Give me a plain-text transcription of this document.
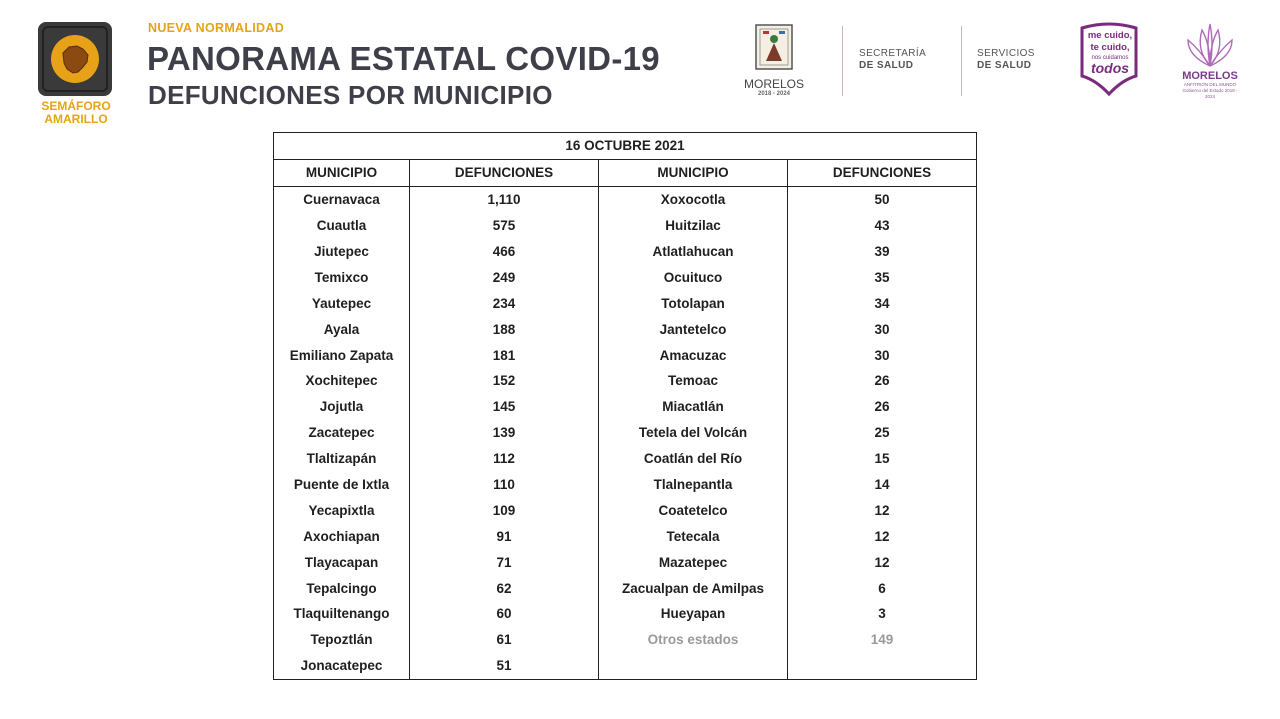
SEMÁFORO AMARILLO
NUEVA NORMALIDAD
PANORAMA ESTATAL COVID-19
DEFUNCIONES POR MUNICIPIO	MORELOS
2018 - 2024
SECRETARÍA
DE SALUD
SERVICIOS
DE SALUD
me cuido,
te cuido,
nos cuidamos
todos	MORELOS
ANFITRIÓN DEL MUNDO Gobierno del Estado 2018 - 2024
16 OCTUBRE 2021			
MUNICIPIO	DEFUNCIONES	MUNICIPIO	DEFUNCIONES
Cuernavaca	1,110	Xoxocotla	50
Cuautla	575	Huitzilac	43
Jiutepec	466	Atlatlahucan	39
Temixco	249	Ocuituco	35
Yautepec	234	Totolapan	34
Ayala	188	Jantetelco	30
Emiliano Zapata	181	Amacuzac	30
Xochitepec	152	Temoac	26
Jojutla	145	Miacatlán	26
Zacatepec	139	Tetela del Volcán	25
Tlaltizapán	112	Coatlán del Río	15
Puente de Ixtla	110	Tlalnepantla	14
Yecapixtla	109	Coatetelco	12
Axochiapan	91	Tetecala	12
Tlayacapan	71	Mazatepec	12
Tepalcingo	62	Zacualpan de Amilpas	6
Tlaquiltenango	60	Hueyapan	3
Tepoztlán	61	Otros estados	149
Jonacatepec	51		
